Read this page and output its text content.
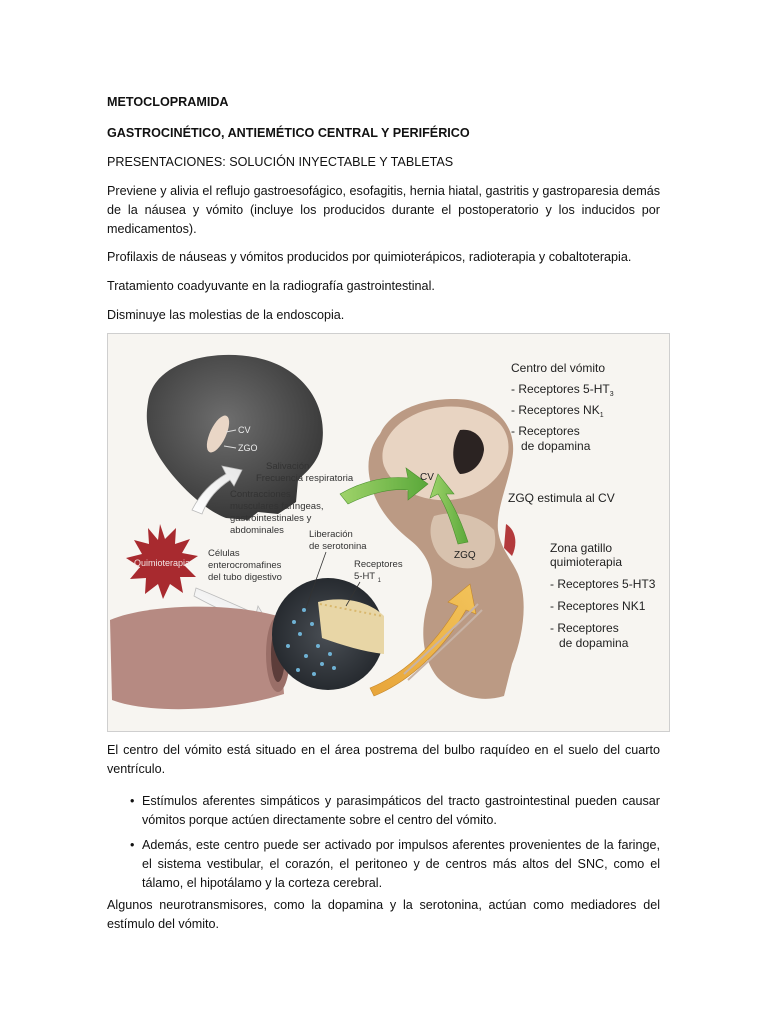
METOCLOPRAMIDA
GASTROCINÉTICO, ANTIEMÉTICO CENTRAL Y PERIFÉRICO
PRESENTACIONES: SOLUCIÓN INYECTABLE Y TABLETAS
Previene y alivia el reflujo gastroesofágico, esofagitis, hernia hiatal, gastritis y gastroparesia demás de la náusea y vómito (incluye los producidos durante el postoperatorio y los inducidos por medicamentos).
Profilaxis de náuseas y vómitos producidos por quimioterápicos, radioterapia y cobaltoterapia.
Tratamiento coadyuvante en la radiografía gastrointestinal.
Disminuye las molestias de la endoscopia.
CV
ZGO
Salivación
Frecuencia respiratoria
Contracciones musculares faríngeas, gastrointestinales y abdominales
Quimioterapia
Células enterocromafines del tubo digestivo
Liberación de serotonina
Receptores 5-HT $_1$
CV
ZGQ
Centro del vómito
- Receptores $5-HT_3$ - Receptores $NK_1$ - Receptores de dopamina
ZGQ estimula al CV
Zona gatillo quimioterapia
- Receptores 5-HT3 - Receptores NK1 - Receptores de dopamina
El centro del vómito está situado en el área postrema del bulbo raquídeo en el suelo del cuarto ventrículo.
• Estímulos aferentes simpáticos y parasimpáticos del tracto gastrointestinal pueden causar vómitos porque actúen directamente sobre el centro del vómito.
• Además, este centro puede ser activado por impulsos aferentes provenientes de la faringe, el sistema vestibular, el corazón, el peritoneo y de centros más altos del SNC, como el tálamo, el hipotálamo y la corteza cerebral.
Algunos neurotransmisores, como la dopamina y la serotonina, actúan como mediadores del estímulo del vómito.
